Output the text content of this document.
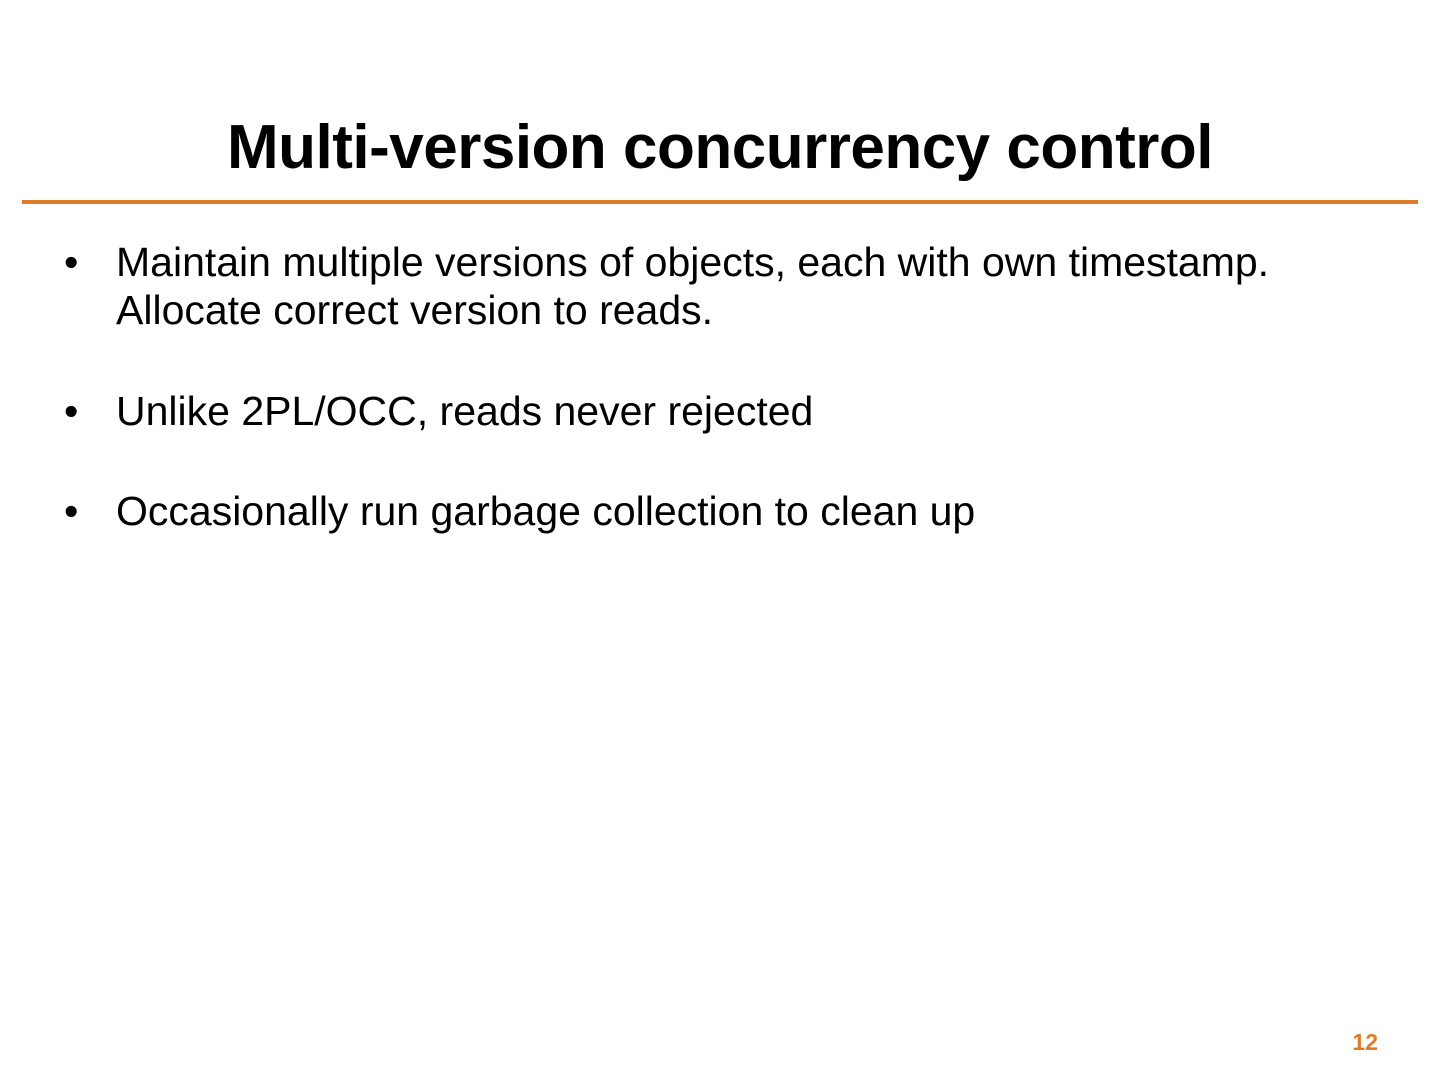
Multi-version concurrency control
• Maintain multiple versions of objects, each with own timestamp. Allocate correct version to reads.
• Unlike 2PL/OCC, reads never rejected
• Occasionally run garbage collection to clean up
12
